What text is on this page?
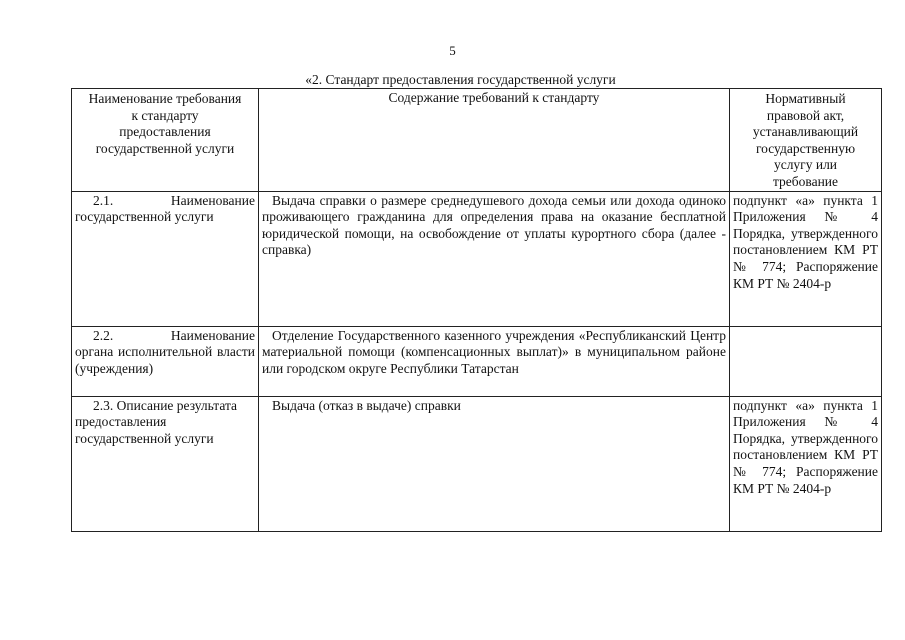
5
«2. Стандарт предоставления государственной услуги
Наименование требования к стандарту предоставления государственной услуги	Содержание требований к стандарту	Нормативный правовой акт, устанавливающий государственную услугу или требование

2.1. Наименование
государственной услуги	Выдача справки о размере среднедушевого дохода семьи или дохода одиноко проживающего гражданина для определения права на оказание бесплатной юридической помощи, на освобождение от уплаты курортного сбора (далее - справка)	подпункт «а» пункта 1 Приложения № 4 Порядка, утвержденного постановлением КМ РТ № 774; Распоряжение КМ РТ № 2404-р

2.2. Наименование
органа исполнительной власти (учреждения)	Отделение Государственного казенного учреждения «Республиканский Центр материальной помощи (компенсационных выплат)» в муниципальном районе или городском округе Республики Татарстан	

2.3. Описание результата
предоставления государственной услуги	Выдача (отказ в выдаче) справки	подпункт «а» пункта 1 Приложения № 4 Порядка, утвержденного постановлением КМ РТ № 774; Распоряжение КМ РТ № 2404-р
